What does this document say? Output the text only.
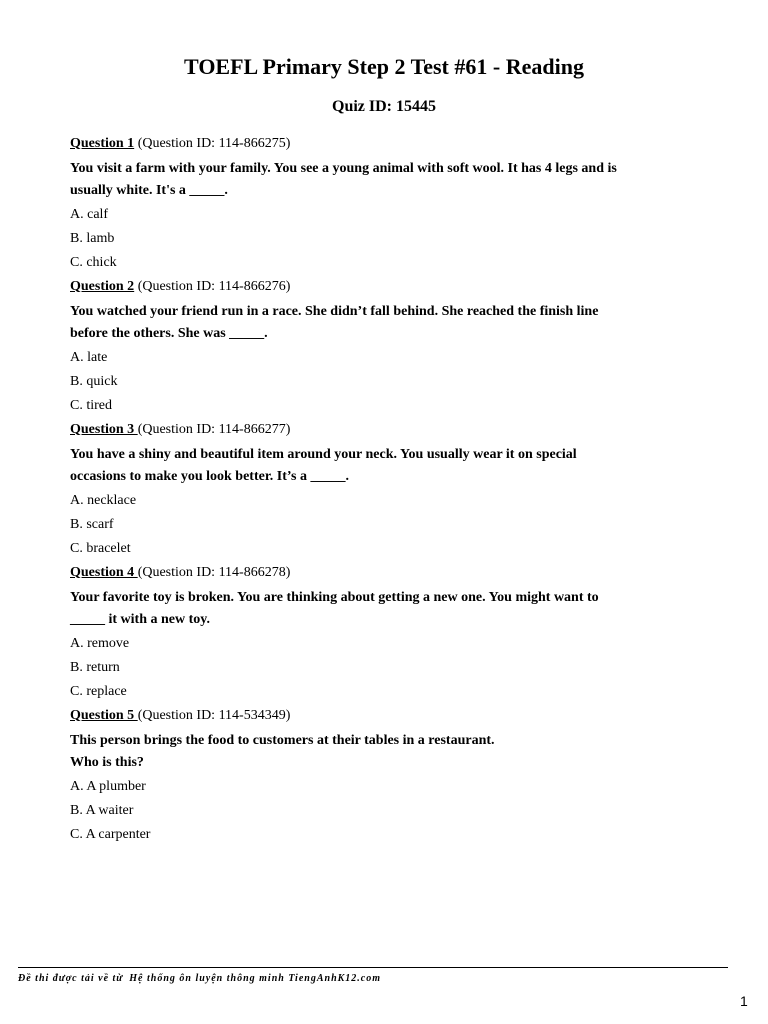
TOEFL Primary Step 2 Test #61 - Reading
Quiz ID: 15445
Question 1 (Question ID: 114-866275)
You visit a farm with your family. You see a young animal with soft wool. It has 4 legs and is
usually white. It's a _____.
A. calf
B. lamb
C. chick
Question 2 (Question ID: 114-866276)
You watched your friend run in a race. She didn’t fall behind. She reached the finish line
before the others. She was _____.
A. late
B. quick
C. tired
Question 3 (Question ID: 114-866277)
You have a shiny and beautiful item around your neck. You usually wear it on special
occasions to make you look better. It’s a _____.
A. necklace
B. scarf
C. bracelet
Question 4 (Question ID: 114-866278)
Your favorite toy is broken. You are thinking about getting a new one. You might want to
_____ it with a new toy.
A. remove
B. return
C. replace
Question 5 (Question ID: 114-534349)
This person brings the food to customers at their tables in a restaurant.
Who is this?
A. A plumber
B. A waiter
C. A carpenter
Đề thi được tải về từ Hệ thống ôn luyện thông minh TiengAnhK12.com
1
